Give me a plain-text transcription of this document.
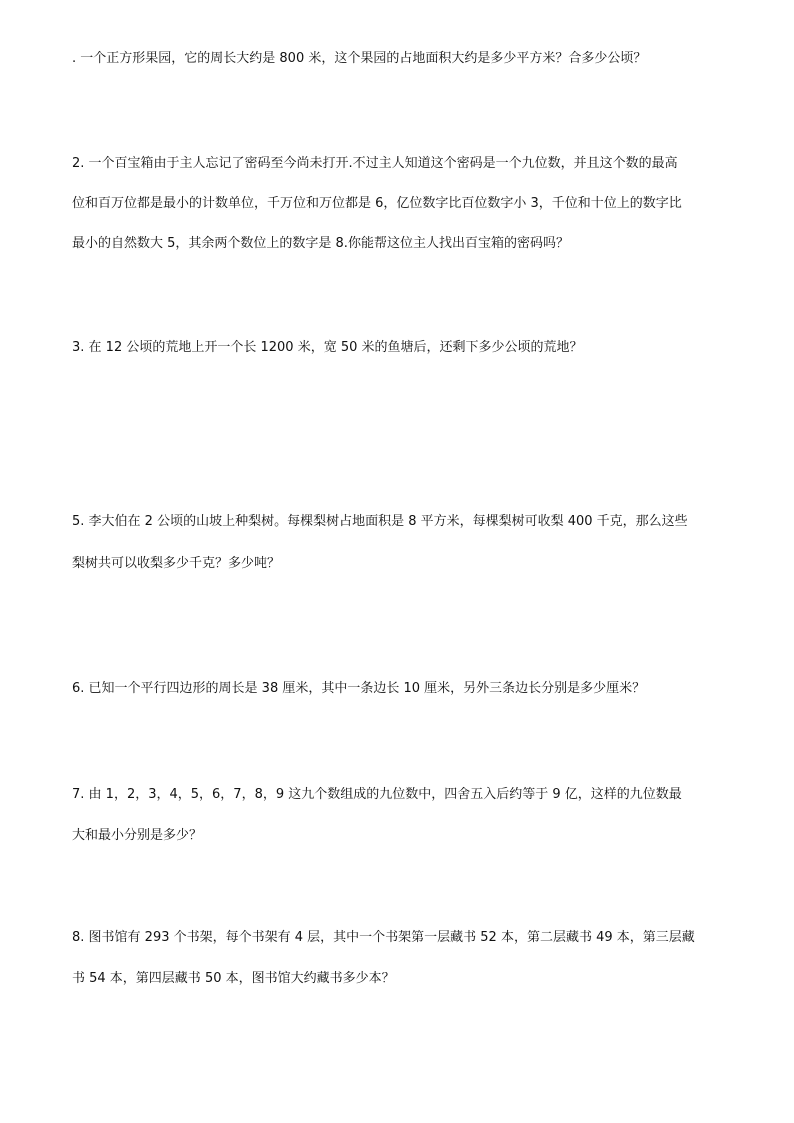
. 一个正方形果园，它的周长大约是 800 米，这个果园的占地面积大约是多少平方米？合多少公顷？
2. 一个百宝箱由于主人忘记了密码至今尚未打开.不过主人知道这个密码是一个九位数，并且这个数的最高
位和百万位都是最小的计数单位，千万位和万位都是 6，亿位数字比百位数字小 3，千位和十位上的数字比
最小的自然数大 5，其余两个数位上的数字是 8.你能帮这位主人找出百宝箱的密码吗？
3. 在 12 公顷的荒地上开一个长 1200 米，宽 50 米的鱼塘后，还剩下多少公顷的荒地？
5. 李大伯在 2 公顷的山坡上种梨树。每棵梨树占地面积是 8 平方米，每棵梨树可收梨 400 千克，那么这些
梨树共可以收梨多少千克？多少吨？
6. 已知一个平行四边形的周长是 38 厘米，其中一条边长 10 厘米，另外三条边长分别是多少厘米？
7. 由 1，2，3，4，5，6，7，8，9 这九个数组成的九位数中，四舍五入后约等于 9 亿，这样的九位数最
大和最小分别是多少？
8. 图书馆有 293 个书架，每个书架有 4 层，其中一个书架第一层藏书 52 本，第二层藏书 49 本，第三层藏
书 54 本，第四层藏书 50 本，图书馆大约藏书多少本？
